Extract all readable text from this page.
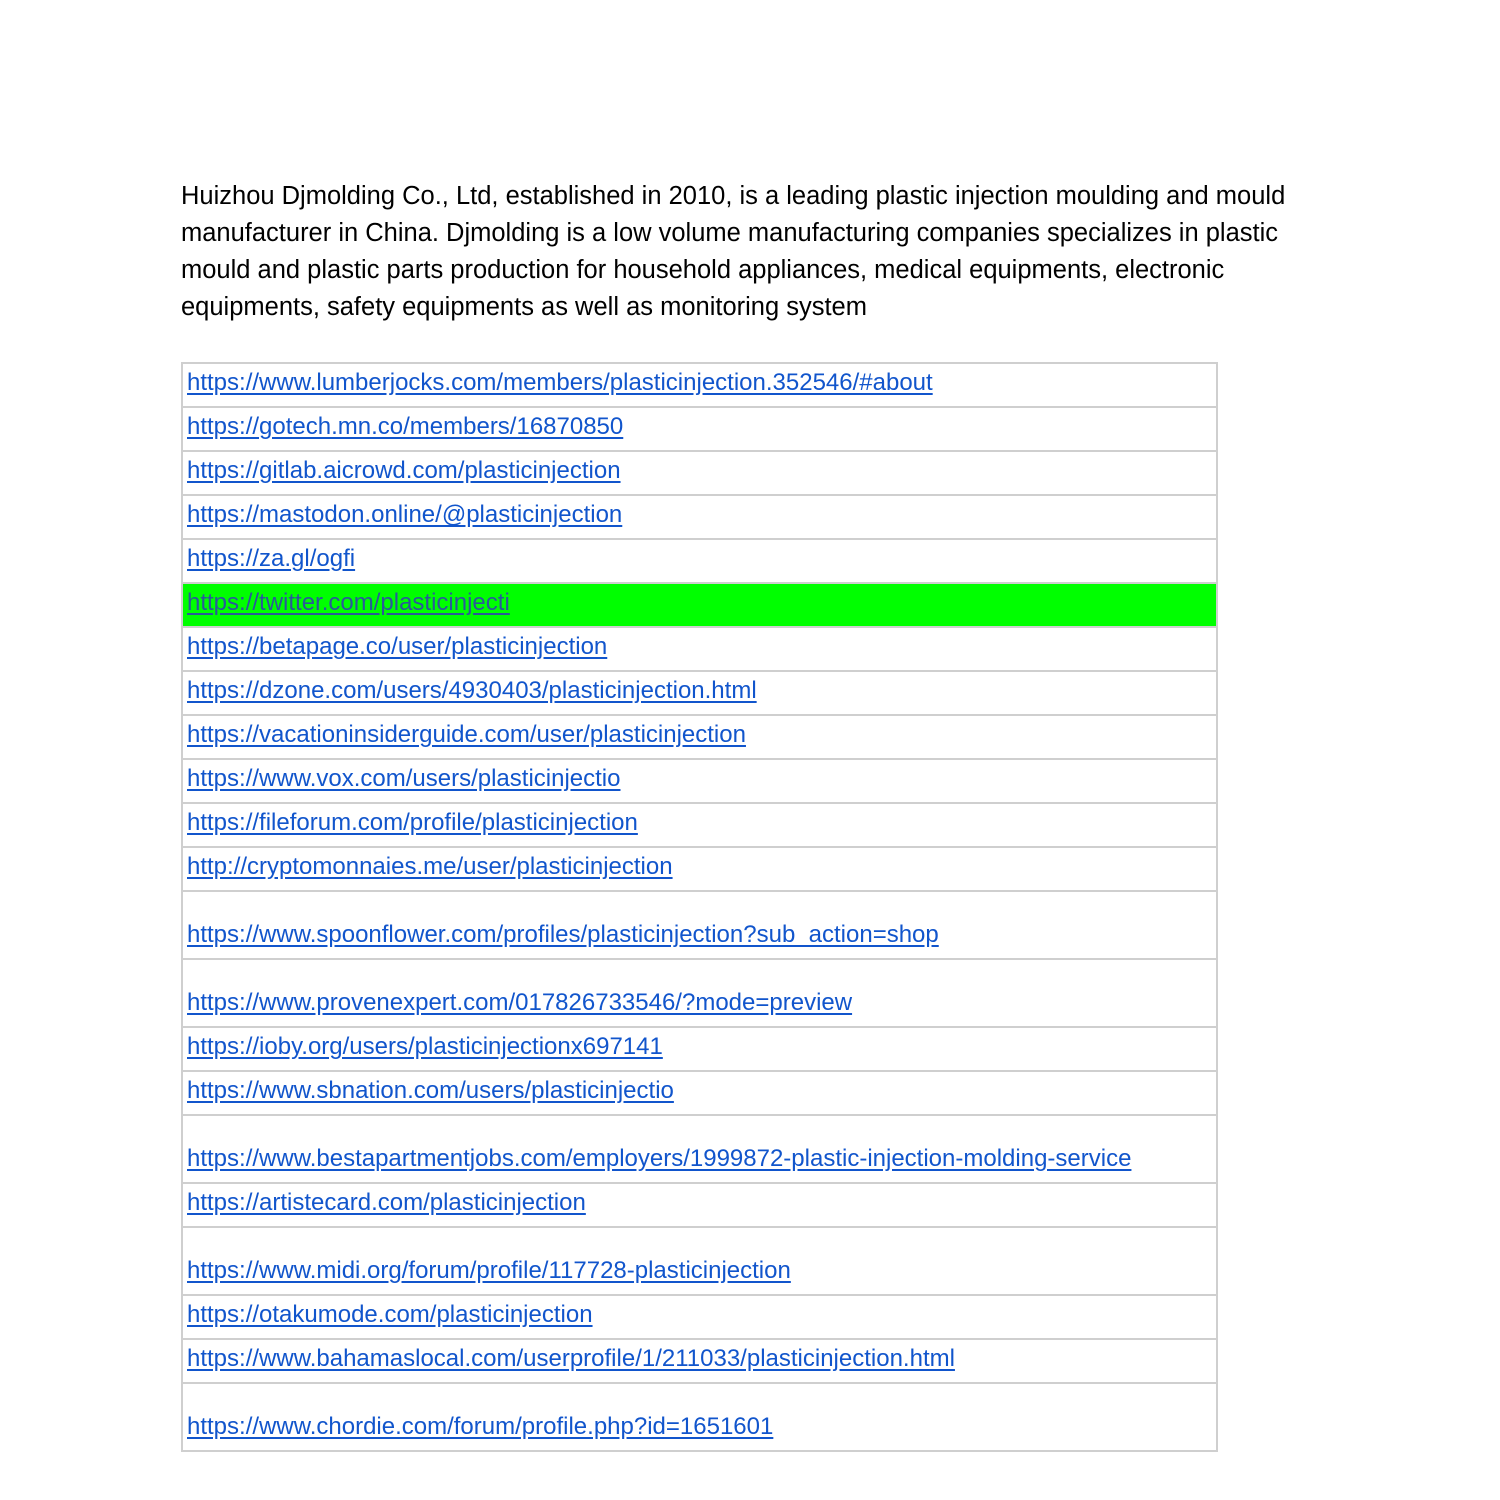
Huizhou Djmolding Co., Ltd, established in 2010, is a leading plastic injection moulding and mould manufacturer in China. Djmolding is a low volume manufacturing companies specializes in plastic mould and plastic parts production for household appliances, medical equipments, electronic equipments, safety equipments as well as monitoring system

https://www.lumberjocks.com/members/plasticinjection.352546/#about
https://gotech.mn.co/members/16870850
https://gitlab.aicrowd.com/plasticinjection
https://mastodon.online/@plasticinjection
https://za.gl/ogfi
https://twitter.com/plasticinjecti
https://betapage.co/user/plasticinjection
https://dzone.com/users/4930403/plasticinjection.html
https://vacationinsiderguide.com/user/plasticinjection
https://www.vox.com/users/plasticinjectio
https://fileforum.com/profile/plasticinjection
http://cryptomonnaies.me/user/plasticinjection
https://www.spoonflower.com/profiles/plasticinjection?sub_action=shop
https://www.provenexpert.com/017826733546/?mode=preview
https://ioby.org/users/plasticinjectionx697141
https://www.sbnation.com/users/plasticinjectio
https://www.bestapartmentjobs.com/employers/1999872-plastic-injection-molding-service
https://artistecard.com/plasticinjection
https://www.midi.org/forum/profile/117728-plasticinjection
https://otakumode.com/plasticinjection
https://www.bahamaslocal.com/userprofile/1/211033/plasticinjection.html
https://www.chordie.com/forum/profile.php?id=1651601
